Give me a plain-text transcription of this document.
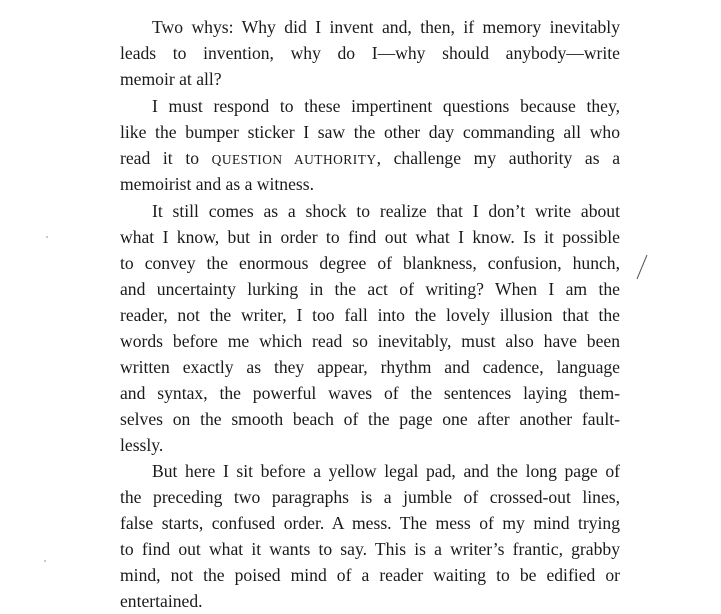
Two whys: Why did I invent and, then, if memory inevitably

leads to invention, why do I—why should anybody—write

memoir at all?

I must respond to these impertinent questions because they,

like the bumper sticker I saw the other day commanding all who

read it to QUESTION AUTHORITY, challenge my authority as a

memoirist and as a witness.

It still comes as a shock to realize that I don’t write about

what I know, but in order to find out what I know. Is it possible

to convey the enormous degree of blankness, confusion, hunch,

and uncertainty lurking in the act of writing? When I am the

reader, not the writer, I too fall into the lovely illusion that the

words before me which read so inevitably, must also have been

written exactly as they appear, rhythm and cadence, language

and syntax, the powerful waves of the sentences laying them-

selves on the smooth beach of the page one after another fault-

lessly.

But here I sit before a yellow legal pad, and the long page of

the preceding two paragraphs is a jumble of crossed-out lines,

false starts, confused order. A mess. The mess of my mind trying

to find out what it wants to say. This is a writer’s frantic, grabby

mind, not the poised mind of a reader waiting to be edified or

entertained.
